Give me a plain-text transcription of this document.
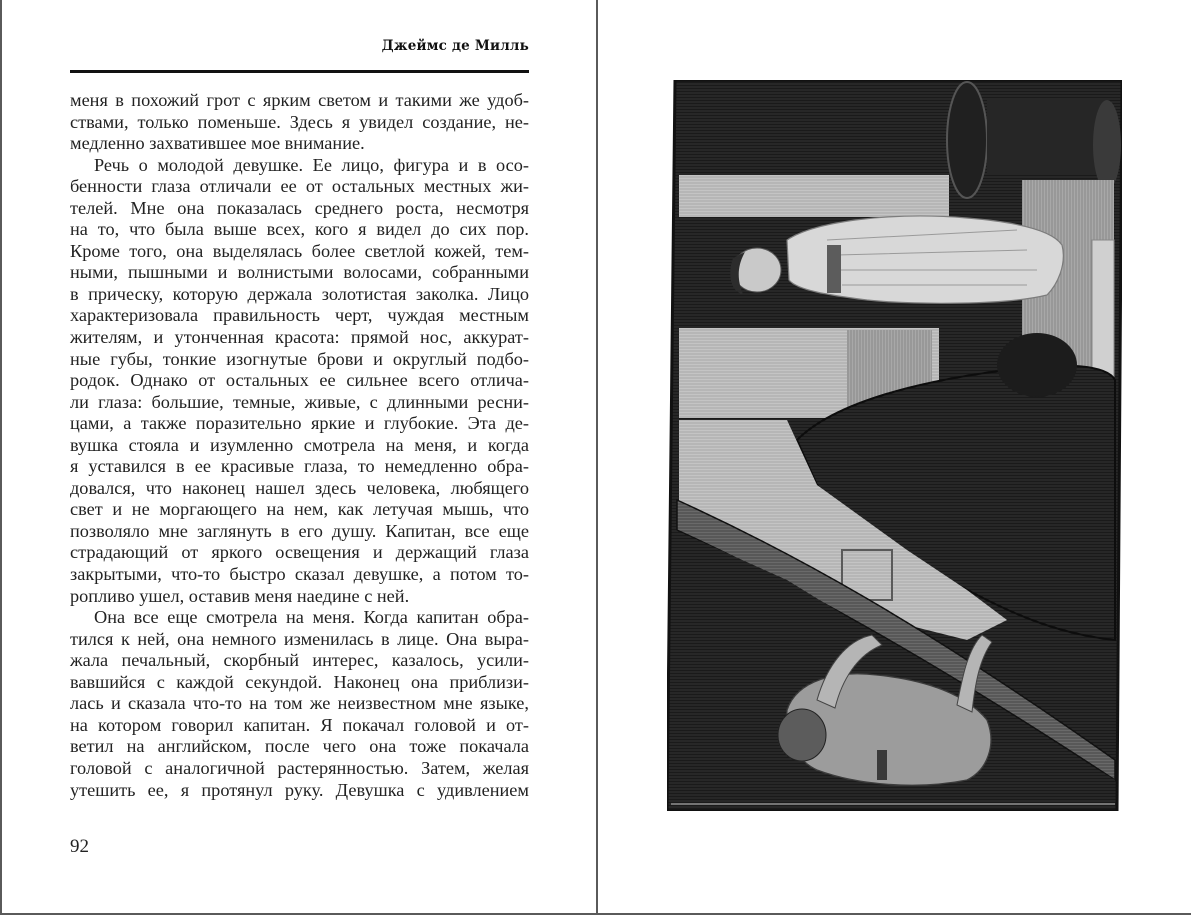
Джеймс де Милль
меня в похожий грот с ярким светом и такими же удоб-
ствами, только поменьше. Здесь я увидел создание, не-
медленно захватившее мое внимание.
Речь о молодой девушке. Ее лицо, фигура и в осо-
бенности глаза отличали ее от остальных местных жи-
телей. Мне она показалась среднего роста, несмотря
на то, что была выше всех, кого я видел до сих пор.
Кроме того, она выделялась более светлой кожей, тем-
ными, пышными и волнистыми волосами, собранными
в прическу, которую держала золотистая заколка. Лицо
характеризовала правильность черт, чуждая местным
жителям, и утонченная красота: прямой нос, аккурат-
ные губы, тонкие изогнутые брови и округлый подбо-
родок. Однако от остальных ее сильнее всего отлича-
ли глаза: большие, темные, живые, с длинными ресни-
цами, а также поразительно яркие и глубокие. Эта де-
вушка стояла и изумленно смотрела на меня, и когда
я уставился в ее красивые глаза, то немедленно обра-
довался, что наконец нашел здесь человека, любящего
свет и не моргающего на нем, как летучая мышь, что
позволяло мне заглянуть в его душу. Капитан, все еще
страдающий от яркого освещения и держащий глаза
закрытыми, что-то быстро сказал девушке, а потом то-
ропливо ушел, оставив меня наедине с ней.
Она все еще смотрела на меня. Когда капитан обра-
тился к ней, она немного изменилась в лице. Она выра-
жала печальный, скорбный интерес, казалось, усили-
вавшийся с каждой секундой. Наконец она приблизи-
лась и сказала что-то на том же неизвестном мне языке,
на котором говорил капитан. Я покачал головой и от-
ветил на английском, после чего она тоже покачала
головой с аналогичной растерянностью. Затем, желая
утешить ее, я протянул руку. Девушка с удивлением
92
